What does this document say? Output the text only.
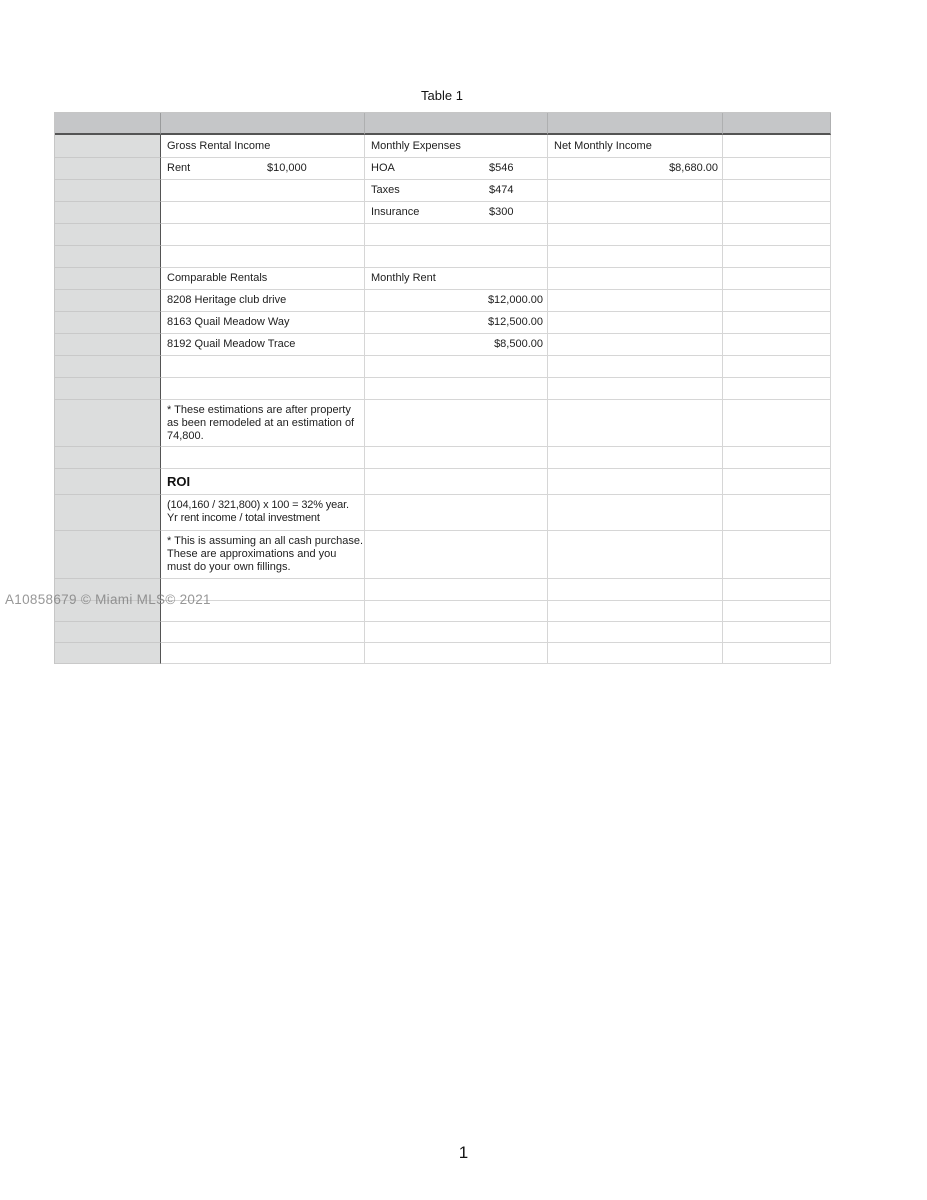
Table 1
Gross Rental Income	Monthly Expenses	Net Monthly Income
Rent	$10,000	HOA	$546	$8,680.00
Taxes	$474
Insurance	$300
Comparable Rentals	Monthly Rent
8208 Heritage club drive	$12,000.00
8163 Quail Meadow Way	$12,500.00
8192 Quail Meadow Trace	$8,500.00
* These estimations are after property
as been remodeled at an estimation of
74,800.
ROI
(104,160 / 321,800) x 100 = 32% year.
Yr rent income / total investment
* This is assuming an all cash purchase.
These are approximations and you
must do your own fillings.
A10858679 © Miami MLS© 2021
1
